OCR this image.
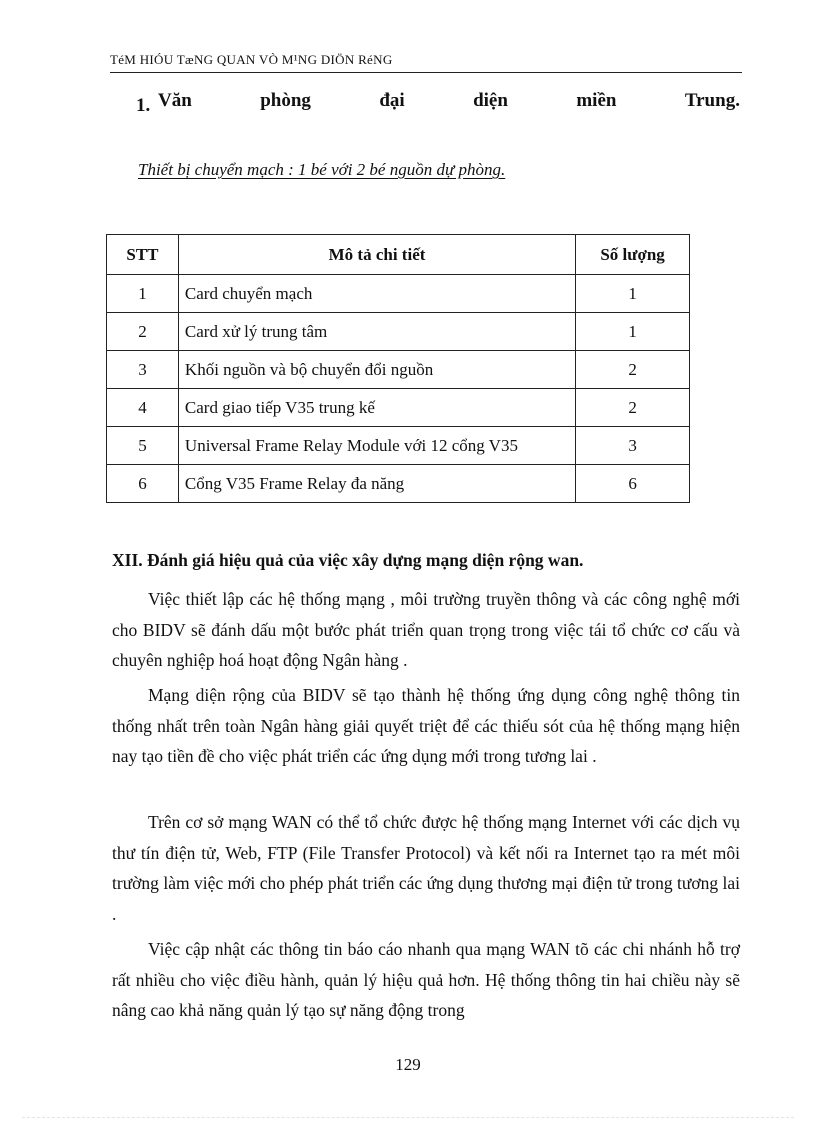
TéM HIÓU TæNG QUAN VÒ M¹NG DIÖN RéNG
1. Văn	phòng	đại	diện	miền	Trung.
Thiết bị chuyển mạch : 1 bé với 2 bé nguồn dự phòng.
STT	Mô tả chi tiết	Số lượng
1	Card chuyển mạch	1
2	Card xử lý trung tâm	1
3	Khối nguồn và bộ chuyển đổi nguồn	2
4	Card giao tiếp V35 trung kế	2
5	Universal Frame Relay Module với 12 cổng V35	3
6	Cổng V35 Frame Relay đa năng	6
XII. Đánh giá hiệu quả của việc xây dựng mạng diện rộng wan.
Việc thiết lập các hệ thống mạng , môi trường truyền thông và các công nghệ mới cho BIDV sẽ đánh dấu một bước phát triển quan trọng trong việc tái tổ chức cơ cấu và chuyên nghiệp hoá hoạt động Ngân hàng .
Mạng diện rộng của BIDV sẽ tạo thành hệ thống ứng dụng công nghệ thông tin thống nhất trên toàn Ngân hàng giải quyết triệt để các thiếu sót của hệ thống mạng hiện nay tạo tiền đề cho việc phát triển các ứng dụng mới trong tương lai .
Trên cơ sở mạng WAN có thể tổ chức được hệ thống mạng Internet với các dịch vụ thư tín điện tử, Web, FTP (File Transfer Protocol) và kết nối ra Internet tạo ra mét môi trường làm việc mới cho phép phát triển các ứng dụng thương mại điện tử trong tương lai .
Việc cập nhật các thông tin báo cáo nhanh qua mạng WAN tõ các chi nhánh hỗ trợ rất nhiều cho việc điều hành, quản lý hiệu quả hơn. Hệ thống thông tin hai chiều này sẽ nâng cao khả năng quản lý tạo sự năng động trong
129
